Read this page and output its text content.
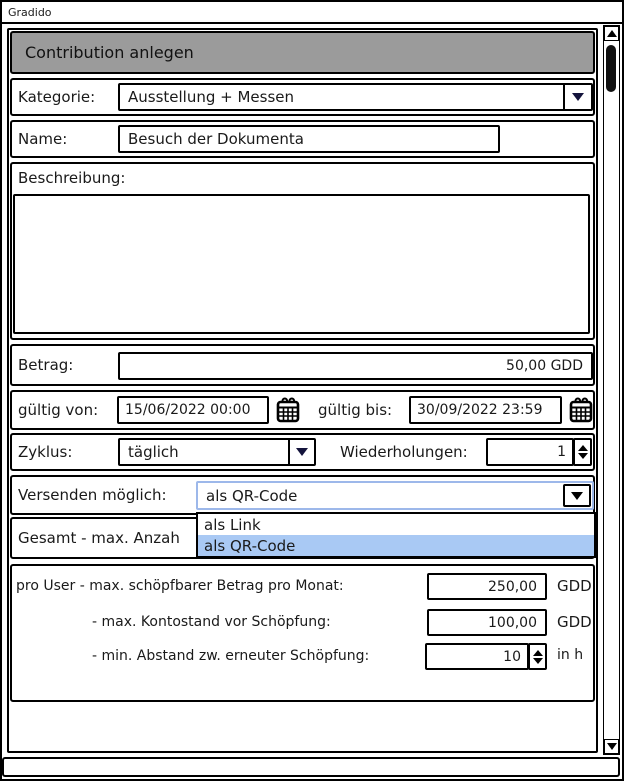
Gradido
Contribution anlegen
Kategorie:	Ausstellung + Messen
Name:	Besuch der Dokumenta
Beschreibung:
Betrag:	50,00 GDD
gültig von:	15/06/2022 00:00	gültig bis:	30/09/2022 23:59
Zyklus:	täglich	Wiederholungen:	1
Versenden möglich:	als QR-Code
Gesamt - max. Anzah
als Link
als QR-Code
pro User - max. schöpfbarer Betrag pro Monat:	250,00	GDD
- max. Kontostand vor Schöpfung:	100,00	GDD
- min. Abstand zw. erneuter Schöpfung:	10	in h
